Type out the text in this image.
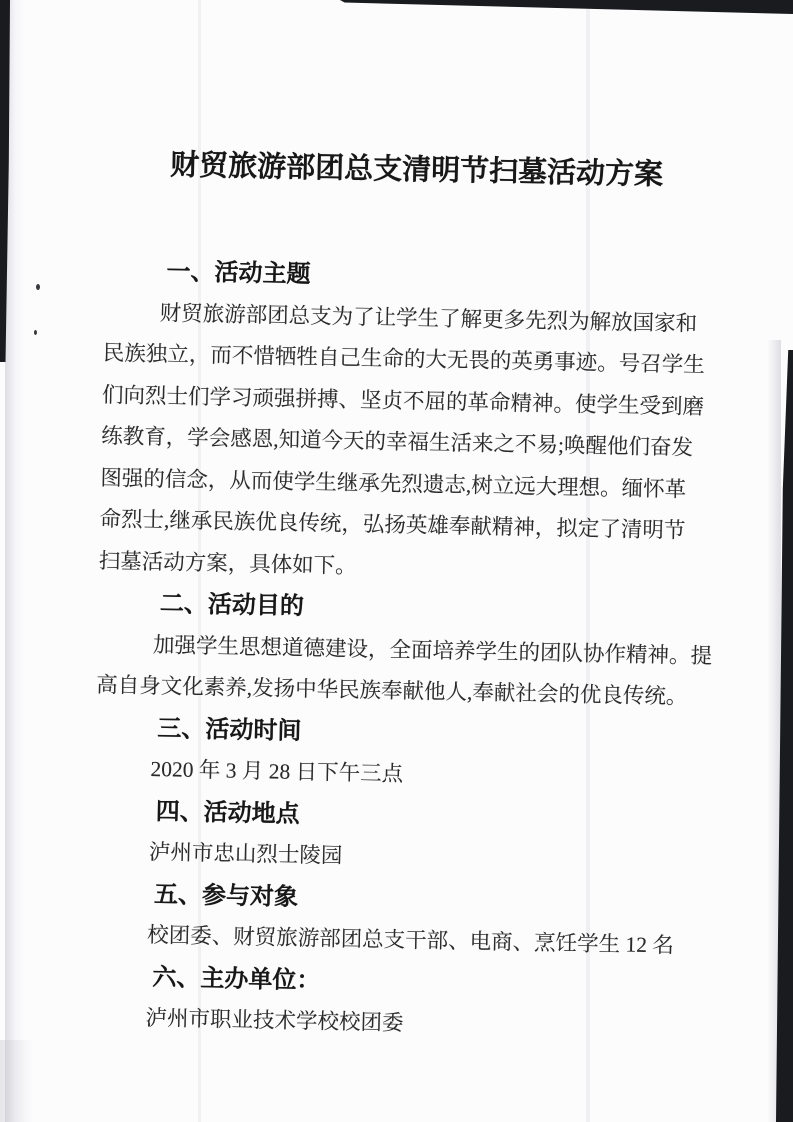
财贸旅游部团总支清明节扫墓活动方案
一、活动主题
财贸旅游部团总支为了让学生了解更多先烈为解放国家和
民族独立，而不惜牺牲自己生命的大无畏的英勇事迹。号召学生
们向烈士们学习顽强拼搏、坚贞不屈的革命精神。使学生受到磨
练教育，学会感恩,知道今天的幸福生活来之不易;唤醒他们奋发
图强的信念，从而使学生继承先烈遗志,树立远大理想。缅怀革
命烈士,继承民族优良传统，弘扬英雄奉献精神，拟定了清明节
扫墓活动方案，具体如下。
二、活动目的
加强学生思想道德建设，全面培养学生的团队协作精神。提
高自身文化素养,发扬中华民族奉献他人,奉献社会的优良传统。
三、活动时间
2020 年 3 月 28 日下午三点
四、活动地点
泸州市忠山烈士陵园
五、参与对象
校团委、财贸旅游部团总支干部、电商、烹饪学生 12 名
六、主办单位：
泸州市职业技术学校校团委
